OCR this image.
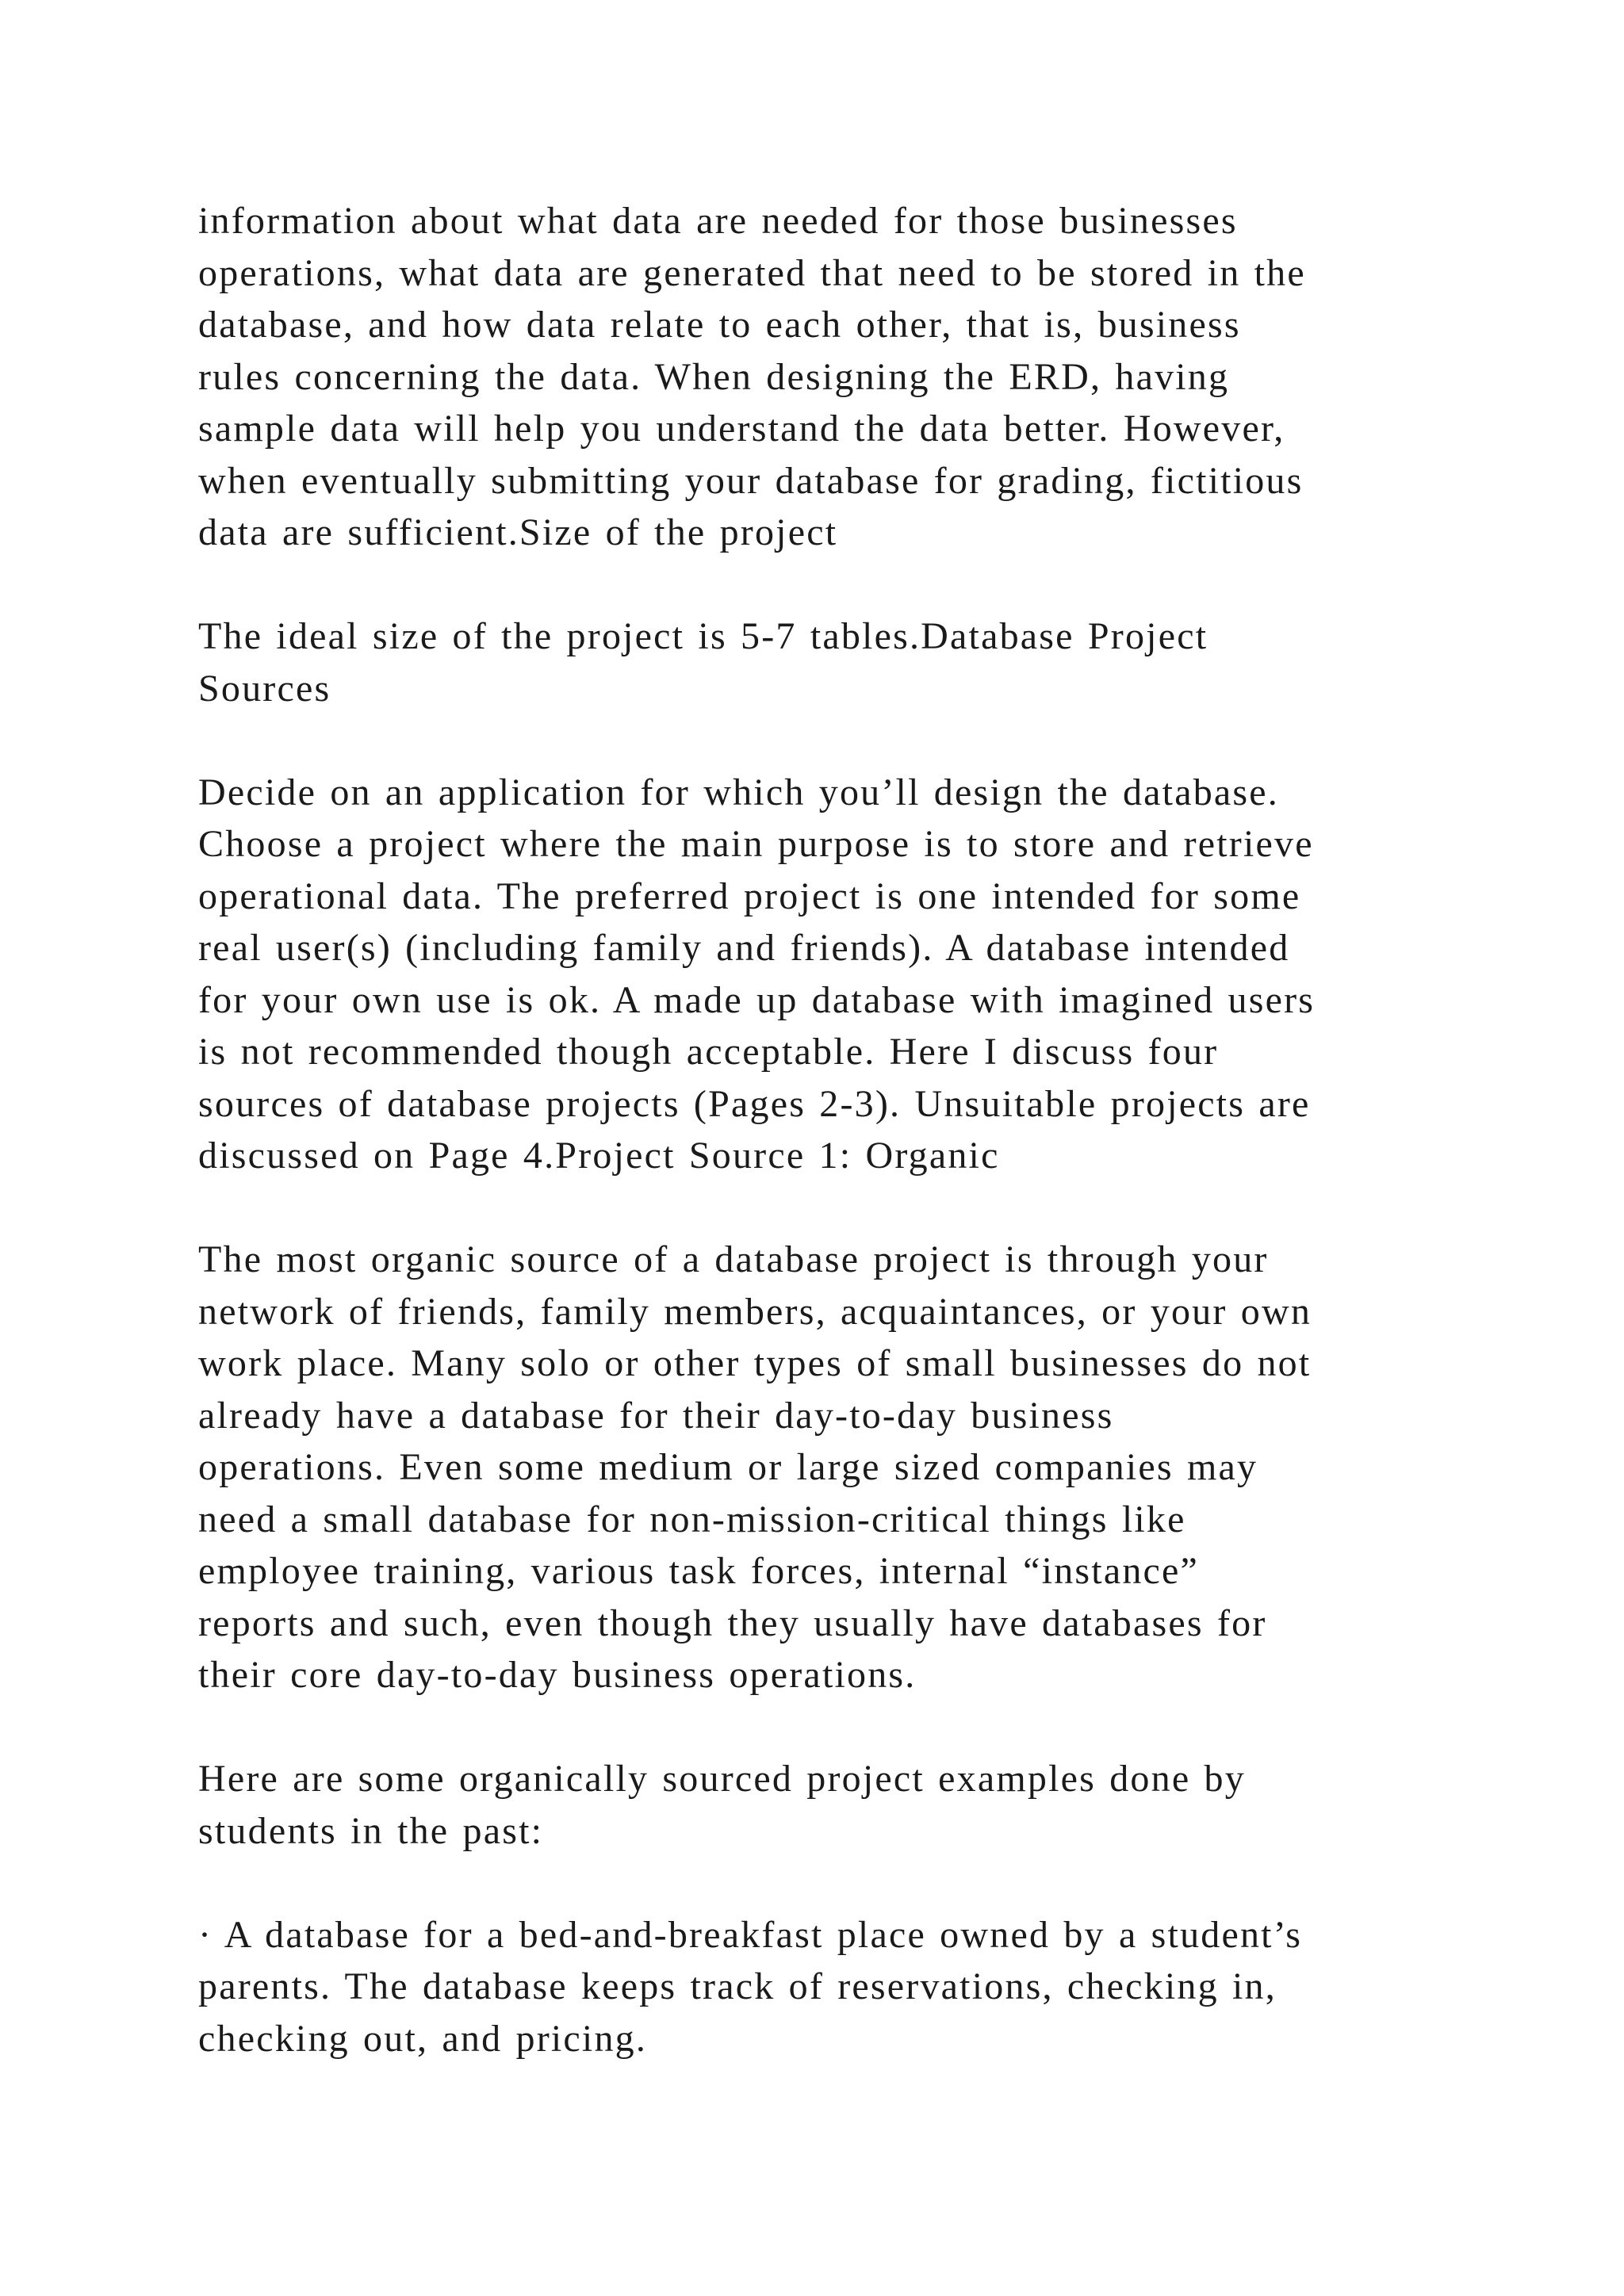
information about what data are needed for those businesses
operations, what data are generated that need to be stored in the
database, and how data relate to each other, that is, business
rules concerning the data. When designing the ERD, having
sample data will help you understand the data better. However,
when eventually submitting your database for grading, fictitious
data are sufficient.Size of the project

The ideal size of the project is 5-7 tables.Database Project
Sources

Decide on an application for which you’ll design the database.
Choose a project where the main purpose is to store and retrieve
operational data. The preferred project is one intended for some
real user(s) (including family and friends). A database intended
for your own use is ok. A made up database with imagined users
is not recommended though acceptable. Here I discuss four
sources of database projects (Pages 2-3). Unsuitable projects are
discussed on Page 4.Project Source 1: Organic

The most organic source of a database project is through your
network of friends, family members, acquaintances, or your own
work place. Many solo or other types of small businesses do not
already have a database for their day-to-day business
operations. Even some medium or large sized companies may
need a small database for non-mission-critical things like
employee training, various task forces, internal “instance”
reports and such, even though they usually have databases for
their core day-to-day business operations.

Here are some organically sourced project examples done by
students in the past:

· A database for a bed-and-breakfast place owned by a student’s
parents. The database keeps track of reservations, checking in,
checking out, and pricing.
